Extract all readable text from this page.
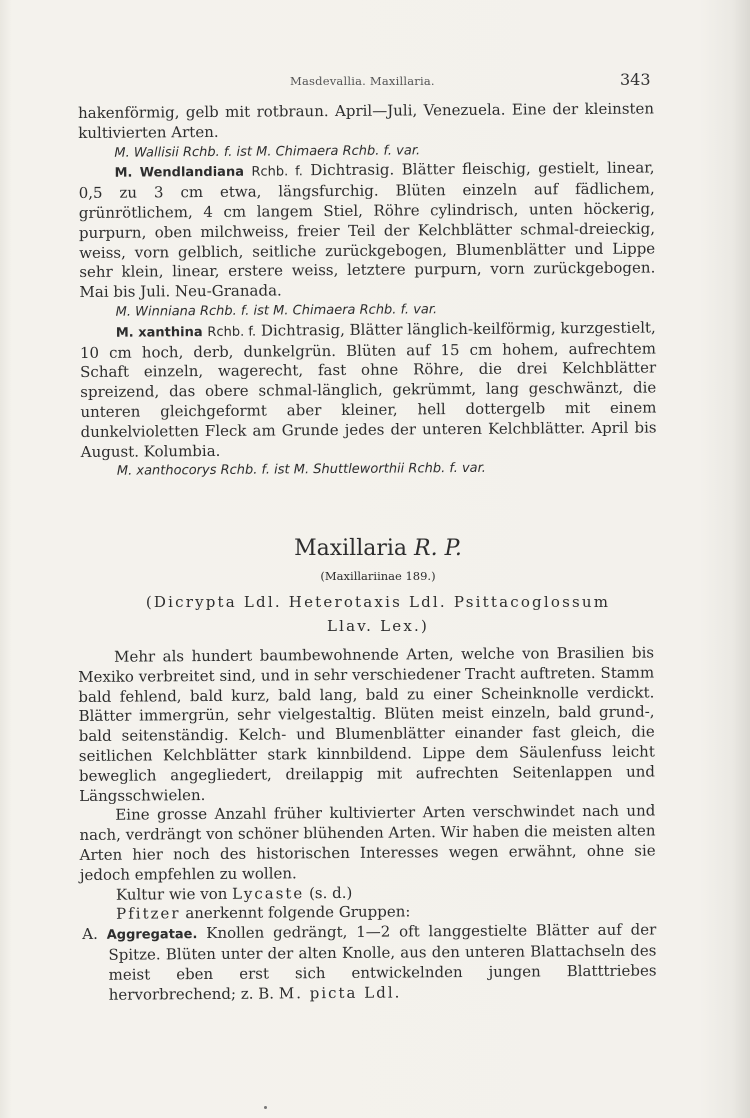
Masdevallia. Maxillaria.	343

hakenförmig, gelb mit rotbraun. April—Juli, Venezuela. Eine der kleinsten kultivierten Arten.

M. Wallisii Rchb. f. ist M. Chimaera Rchb. f. var.

M. Wendlandiana Rchb. f. Dichtrasig. Blätter fleischig, gestielt, linear, 0,5 zu 3 cm etwa, längsfurchig. Blüten einzeln auf fädlichem, grünrötlichem, 4 cm langem Stiel, Röhre cylindrisch, unten höckerig, purpurn, oben milchweiss, freier Teil der Kelchblätter schmal-dreieckig, weiss, vorn gelblich, seitliche zurückgebogen, Blumenblätter und Lippe sehr klein, linear, erstere weiss, letztere purpurn, vorn zurückgebogen. Mai bis Juli. Neu-Granada.

M. Winniana Rchb. f. ist M. Chimaera Rchb. f. var.

M. xanthina Rchb. f. Dichtrasig, Blätter länglich-keilförmig, kurzgestielt, 10 cm hoch, derb, dunkelgrün. Blüten auf 15 cm hohem, aufrechtem Schaft einzeln, wagerecht, fast ohne Röhre, die drei Kelchblätter spreizend, das obere schmal-länglich, gekrümmt, lang geschwänzt, die unteren gleichgeformt aber kleiner, hell dottergelb mit einem dunkelvioletten Fleck am Grunde jedes der unteren Kelchblätter. April bis August. Kolumbia.

M. xanthocorys Rchb. f. ist M. Shuttleworthii Rchb. f. var.

Maxillaria R. P.
(Maxillariinae 189.)
(Dicrypta Ldl. Heterotaxis Ldl. Psittacoglossum
Llav. Lex.)

Mehr als hundert baumbewohnende Arten, welche von Brasilien bis Mexiko verbreitet sind, und in sehr verschiedener Tracht auftreten. Stamm bald fehlend, bald kurz, bald lang, bald zu einer Scheinknolle verdickt. Blätter immergrün, sehr vielgestaltig. Blüten meist einzeln, bald grund-, bald seitenständig. Kelch- und Blumenblätter einander fast gleich, die seitlichen Kelchblätter stark kinnbildend. Lippe dem Säulenfuss leicht beweglich angegliedert, dreilappig mit aufrechten Seitenlappen und Längsschwielen.

Eine grosse Anzahl früher kultivierter Arten verschwindet nach und nach, verdrängt von schöner blühenden Arten. Wir haben die meisten alten Arten hier noch des historischen Interesses wegen erwähnt, ohne sie jedoch empfehlen zu wollen.

Kultur wie von Lycaste (s. d.)

Pfitzer anerkennt folgende Gruppen:

A. Aggregatae. Knollen gedrängt, 1—2 oft langgestielte Blätter auf der Spitze. Blüten unter der alten Knolle, aus den unteren Blattachseln des meist eben erst sich entwickelnden jungen Blatttriebes hervorbrechend; z. B. M. picta Ldl.
